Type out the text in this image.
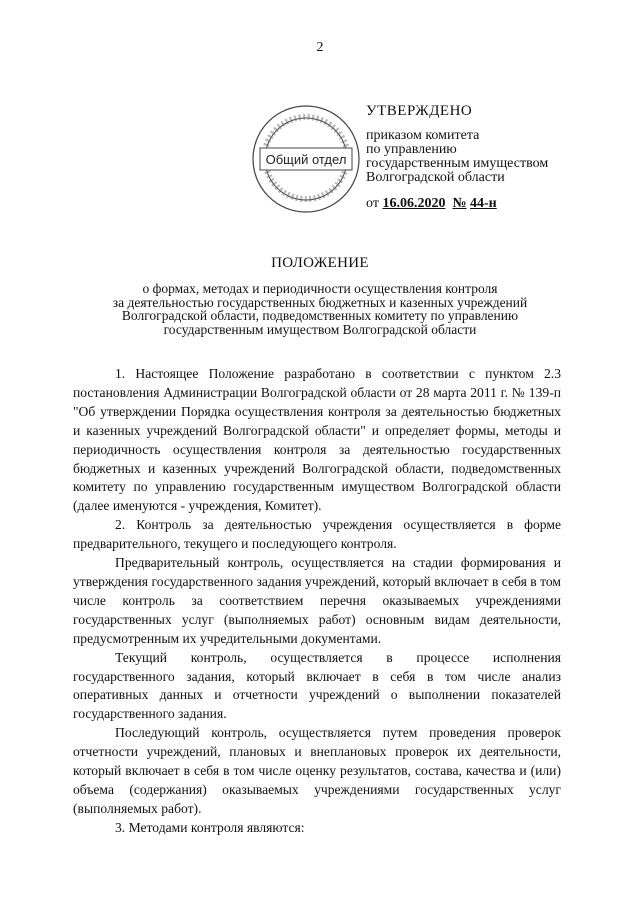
2
Общий отдел
УТВЕРЖДЕНО
приказом комитета
по управлению
государственным имуществом
Волгоградской области
от 16.06.2020 № 44-н
ПОЛОЖЕНИЕ
о формах, методах и периодичности осуществления контроля
за деятельностью государственных бюджетных и казенных учреждений
Волгоградской области, подведомственных комитету по управлению
государственным имуществом Волгоградской области

1. Настоящее Положение разработано в соответствии с пунктом 2.3 постановления Администрации Волгоградской области от 28 марта 2011 г. № 139-п "Об утверждении Порядка осуществления контроля за деятельностью бюджетных и казенных учреждений Волгоградской области" и определяет формы, методы и периодичность осуществления контроля за деятельностью государственных бюджетных и казенных учреждений Волгоградской области, подведомственных комитету по управлению государственным имуществом Волгоградской области (далее именуются - учреждения, Комитет).

2. Контроль за деятельностью учреждения осуществляется в форме предварительного, текущего и последующего контроля.

Предварительный контроль, осуществляется на стадии формирования и утверждения государственного задания учреждений, который включает в себя в том числе контроль за соответствием перечня оказываемых учреждениями государственных услуг (выполняемых работ) основным видам деятельности, предусмотренным их учредительными документами.

Текущий контроль, осуществляется в процессе исполнения государственного задания, который включает в себя в том числе анализ оперативных данных и отчетности учреждений о выполнении показателей государственного задания.

Последующий контроль, осуществляется путем проведения проверок отчетности учреждений, плановых и внеплановых проверок их деятельности, который включает в себя в том числе оценку результатов, состава, качества и (или) объема (содержания) оказываемых учреждениями государственных услуг (выполняемых работ).

3. Методами контроля являются:
